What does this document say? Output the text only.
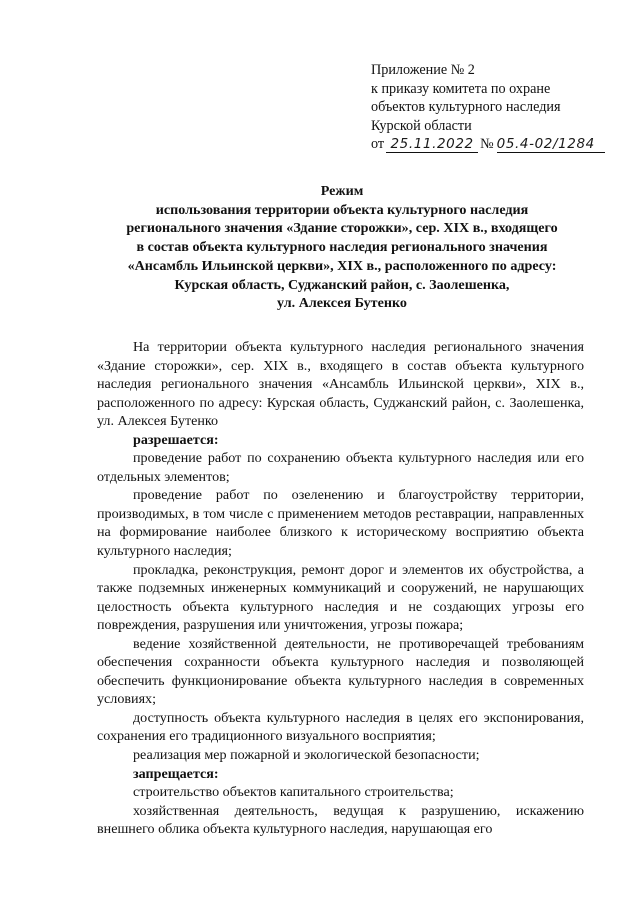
Приложение № 2
к приказу комитета по охране
объектов культурного наследия
Курской области
от 25.11.2022 № 05.4-02/1284
Режим
использования территории объекта культурного наследия
регионального значения «Здание сторожки», сер. XIX в., входящего
в состав объекта культурного наследия регионального значения
«Ансамбль Ильинской церкви», XIX в., расположенного по адресу:
Курская область, Суджанский район, с. Заолешенка,
ул. Алексея Бутенко

На территории объекта культурного наследия регионального значения «Здание сторожки», сер. XIX в., входящего в состав объекта культурного наследия регионального значения «Ансамбль Ильинской церкви», XIX в., расположенного по адресу: Курская область, Суджанский район, с. Заолешенка, ул. Алексея Бутенко

разрешается:

проведение работ по сохранению объекта культурного наследия или его отдельных элементов;

проведение работ по озеленению и благоустройству территории, производимых, в том числе с применением методов реставрации, направленных на формирование наиболее близкого к историческому восприятию объекта культурного наследия;

прокладка, реконструкция, ремонт дорог и элементов их обустройства, а также подземных инженерных коммуникаций и сооружений, не нарушающих целостность объекта культурного наследия и не создающих угрозы его повреждения, разрушения или уничтожения, угрозы пожара;

ведение хозяйственной деятельности, не противоречащей требованиям обеспечения сохранности объекта культурного наследия и позволяющей обеспечить функционирование объекта культурного наследия в современных условиях;

доступность объекта культурного наследия в целях его экспонирования, сохранения его традиционного визуального восприятия;

реализация мер пожарной и экологической безопасности;

запрещается:

строительство объектов капитального строительства;

хозяйственная деятельность, ведущая к разрушению, искажению внешнего облика объекта культурного наследия, нарушающая его
